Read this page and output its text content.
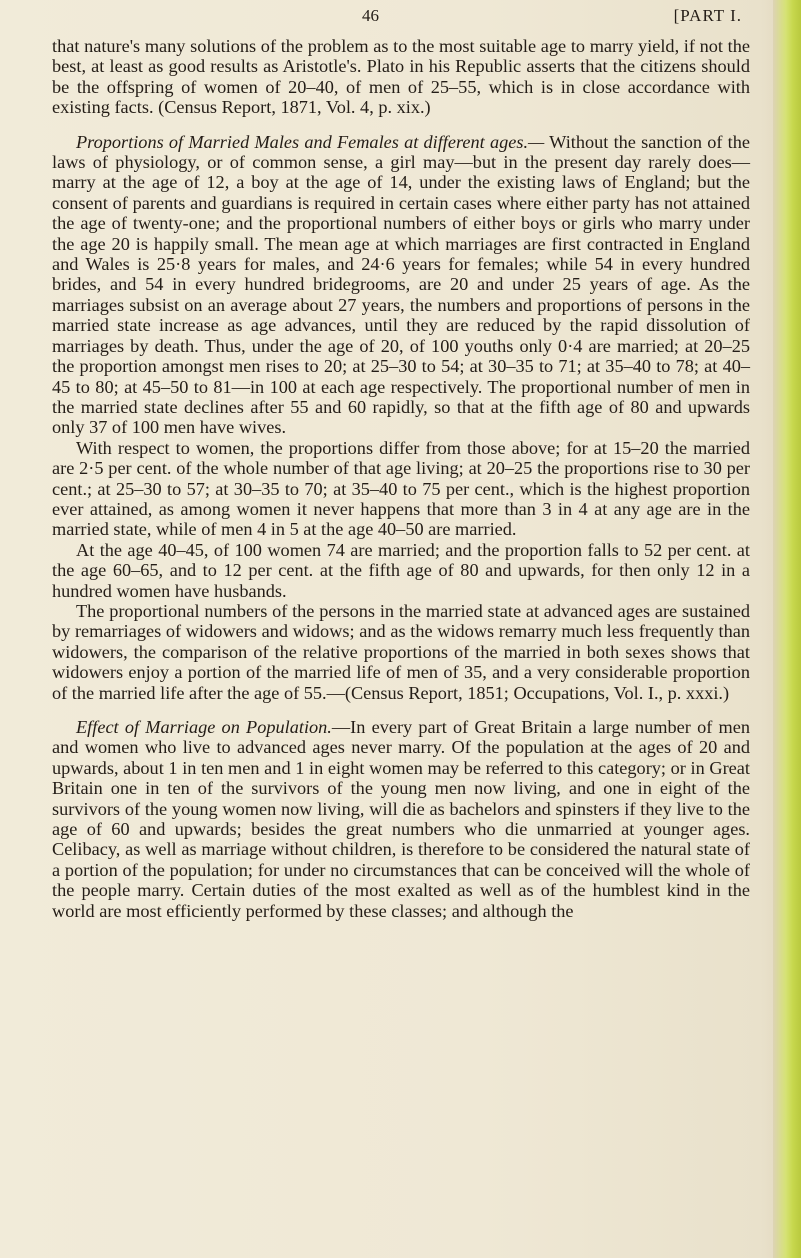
46	[PART I.

that nature's many solutions of the problem as to the most suitable age to marry yield, if not the best, at least as good results as Aristotle's. Plato in his Republic asserts that the citizens should be the offspring of women of 20–40, of men of 25–55, which is in close accordance with existing facts. (Census Report, 1871, Vol. 4, p. xix.)

Proportions of Married Males and Females at different ages.— Without the sanction of the laws of physiology, or of common sense, a girl may—but in the present day rarely does—marry at the age of 12, a boy at the age of 14, under the existing laws of England; but the consent of parents and guardians is required in certain cases where either party has not attained the age of twenty-one; and the proportional numbers of either boys or girls who marry under the age 20 is happily small. The mean age at which marriages are first contracted in England and Wales is 25·8 years for males, and 24·6 years for females; while 54 in every hundred brides, and 54 in every hundred bridegrooms, are 20 and under 25 years of age. As the marriages subsist on an average about 27 years, the numbers and proportions of persons in the married state increase as age advances, until they are reduced by the rapid dissolution of marriages by death. Thus, under the age of 20, of 100 youths only 0·4 are married; at 20–25 the proportion amongst men rises to 20; at 25–30 to 54; at 30–35 to 71; at 35–40 to 78; at 40–45 to 80; at 45–50 to 81—in 100 at each age respectively. The proportional number of men in the married state declines after 55 and 60 rapidly, so that at the fifth age of 80 and upwards only 37 of 100 men have wives.

With respect to women, the proportions differ from those above; for at 15–20 the married are 2·5 per cent. of the whole number of that age living; at 20–25 the proportions rise to 30 per cent.; at 25–30 to 57; at 30–35 to 70; at 35–40 to 75 per cent., which is the highest proportion ever attained, as among women it never happens that more than 3 in 4 at any age are in the married state, while of men 4 in 5 at the age 40–50 are married.

At the age 40–45, of 100 women 74 are married; and the proportion falls to 52 per cent. at the age 60–65, and to 12 per cent. at the fifth age of 80 and upwards, for then only 12 in a hundred women have husbands.

The proportional numbers of the persons in the married state at advanced ages are sustained by remarriages of widowers and widows; and as the widows remarry much less frequently than widowers, the comparison of the relative proportions of the married in both sexes shows that widowers enjoy a portion of the married life of men of 35, and a very considerable proportion of the married life after the age of 55.—(Census Report, 1851; Occupations, Vol. I., p. xxxi.)

Effect of Marriage on Population.—In every part of Great Britain a large number of men and women who live to advanced ages never marry. Of the population at the ages of 20 and upwards, about 1 in ten men and 1 in eight women may be referred to this category; or in Great Britain one in ten of the survivors of the young men now living, and one in eight of the survivors of the young women now living, will die as bachelors and spinsters if they live to the age of 60 and upwards; besides the great numbers who die unmarried at younger ages. Celibacy, as well as marriage without children, is therefore to be considered the natural state of a portion of the population; for under no circumstances that can be conceived will the whole of the people marry. Certain duties of the most exalted as well as of the humblest kind in the world are most efficiently performed by these classes; and although the
